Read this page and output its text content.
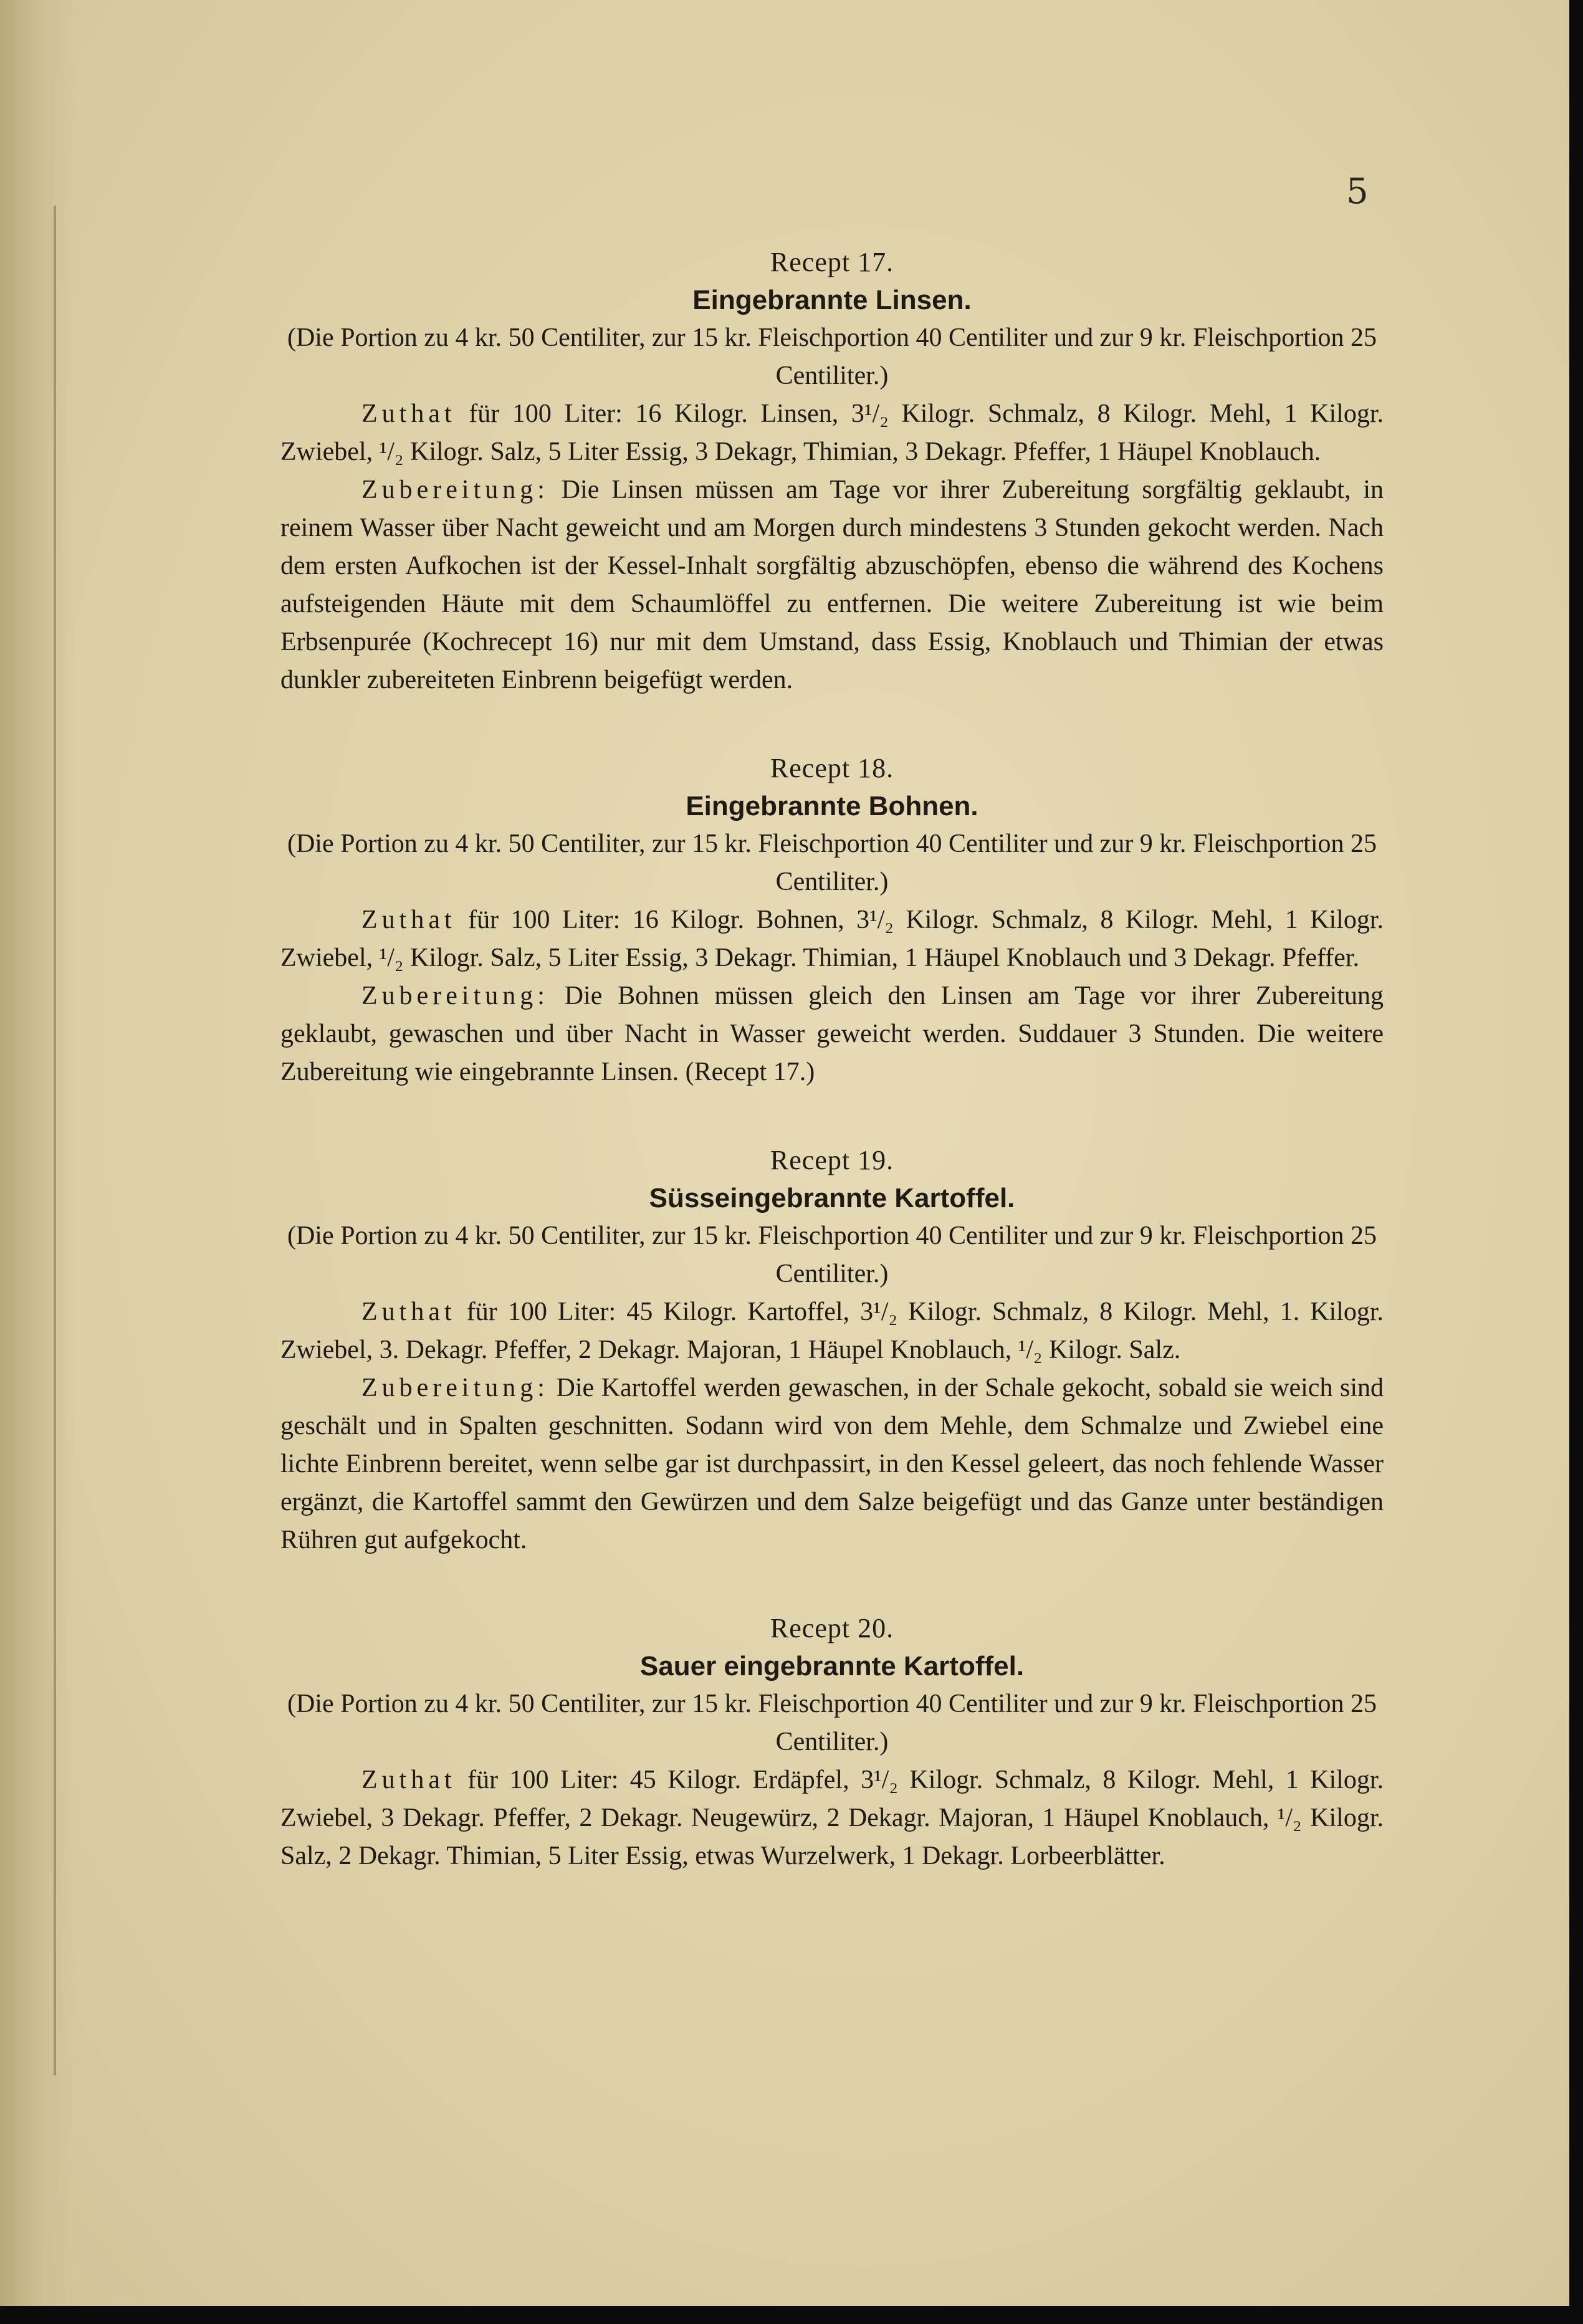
5
Recept 17.
Eingebrannte Linsen.
(Die Portion zu 4 kr. 50 Centiliter, zur 15 kr. Fleischportion 40 Centiliter und zur 9 kr. Fleischportion 25 Centiliter.)

Zuthat für 100 Liter: 16 Kilogr. Linsen, 3¹/₂ Kilogr. Schmalz, 8 Kilogr. Mehl, 1 Kilogr. Zwiebel, ¹/₂ Kilogr. Salz, 5 Liter Essig, 3 Dekagr, Thimian, 3 Dekagr. Pfeffer, 1 Häupel Knoblauch.

Zubereitung: Die Linsen müssen am Tage vor ihrer Zubereitung sorgfältig geklaubt, in reinem Wasser über Nacht geweicht und am Morgen durch mindestens 3 Stunden gekocht werden. Nach dem ersten Aufkochen ist der Kessel-Inhalt sorgfältig abzuschöpfen, ebenso die während des Kochens aufsteigenden Häute mit dem Schaumlöffel zu entfernen. Die weitere Zubereitung ist wie beim Erbsenpurée (Kochrecept 16) nur mit dem Umstand, dass Essig, Knoblauch und Thimian der etwas dunkler zubereiteten Einbrenn beigefügt werden.

Recept 18.
Eingebrannte Bohnen.
(Die Portion zu 4 kr. 50 Centiliter, zur 15 kr. Fleischportion 40 Centiliter und zur 9 kr. Fleischportion 25 Centiliter.)

Zuthat für 100 Liter: 16 Kilogr. Bohnen, 3¹/₂ Kilogr. Schmalz, 8 Kilogr. Mehl, 1 Kilogr. Zwiebel, ¹/₂ Kilogr. Salz, 5 Liter Essig, 3 Dekagr. Thimian, 1 Häupel Knoblauch und 3 Dekagr. Pfeffer.

Zubereitung: Die Bohnen müssen gleich den Linsen am Tage vor ihrer Zubereitung geklaubt, gewaschen und über Nacht in Wasser geweicht werden. Suddauer 3 Stunden. Die weitere Zubereitung wie eingebrannte Linsen. (Recept 17.)

Recept 19.
Süsseingebrannte Kartoffel.
(Die Portion zu 4 kr. 50 Centiliter, zur 15 kr. Fleischportion 40 Centiliter und zur 9 kr. Fleischportion 25 Centiliter.)

Zuthat für 100 Liter: 45 Kilogr. Kartoffel, 3¹/₂ Kilogr. Schmalz, 8 Kilogr. Mehl, 1. Kilogr. Zwiebel, 3. Dekagr. Pfeffer, 2 Dekagr. Majoran, 1 Häupel Knoblauch, ¹/₂ Kilogr. Salz.

Zubereitung: Die Kartoffel werden gewaschen, in der Schale gekocht, sobald sie weich sind geschält und in Spalten geschnitten. Sodann wird von dem Mehle, dem Schmalze und Zwiebel eine lichte Einbrenn bereitet, wenn selbe gar ist durchpassirt, in den Kessel geleert, das noch fehlende Wasser ergänzt, die Kartoffel sammt den Gewürzen und dem Salze beigefügt und das Ganze unter beständigen Rühren gut aufgekocht.

Recept 20.
Sauer eingebrannte Kartoffel.
(Die Portion zu 4 kr. 50 Centiliter, zur 15 kr. Fleischportion 40 Centiliter und zur 9 kr. Fleischportion 25 Centiliter.)

Zuthat für 100 Liter: 45 Kilogr. Erdäpfel, 3¹/₂ Kilogr. Schmalz, 8 Kilogr. Mehl, 1 Kilogr. Zwiebel, 3 Dekagr. Pfeffer, 2 Dekagr. Neugewürz, 2 Dekagr. Majoran, 1 Häupel Knoblauch, ¹/₂ Kilogr. Salz, 2 Dekagr. Thimian, 5 Liter Essig, etwas Wurzelwerk, 1 Dekagr. Lorbeerblätter.
